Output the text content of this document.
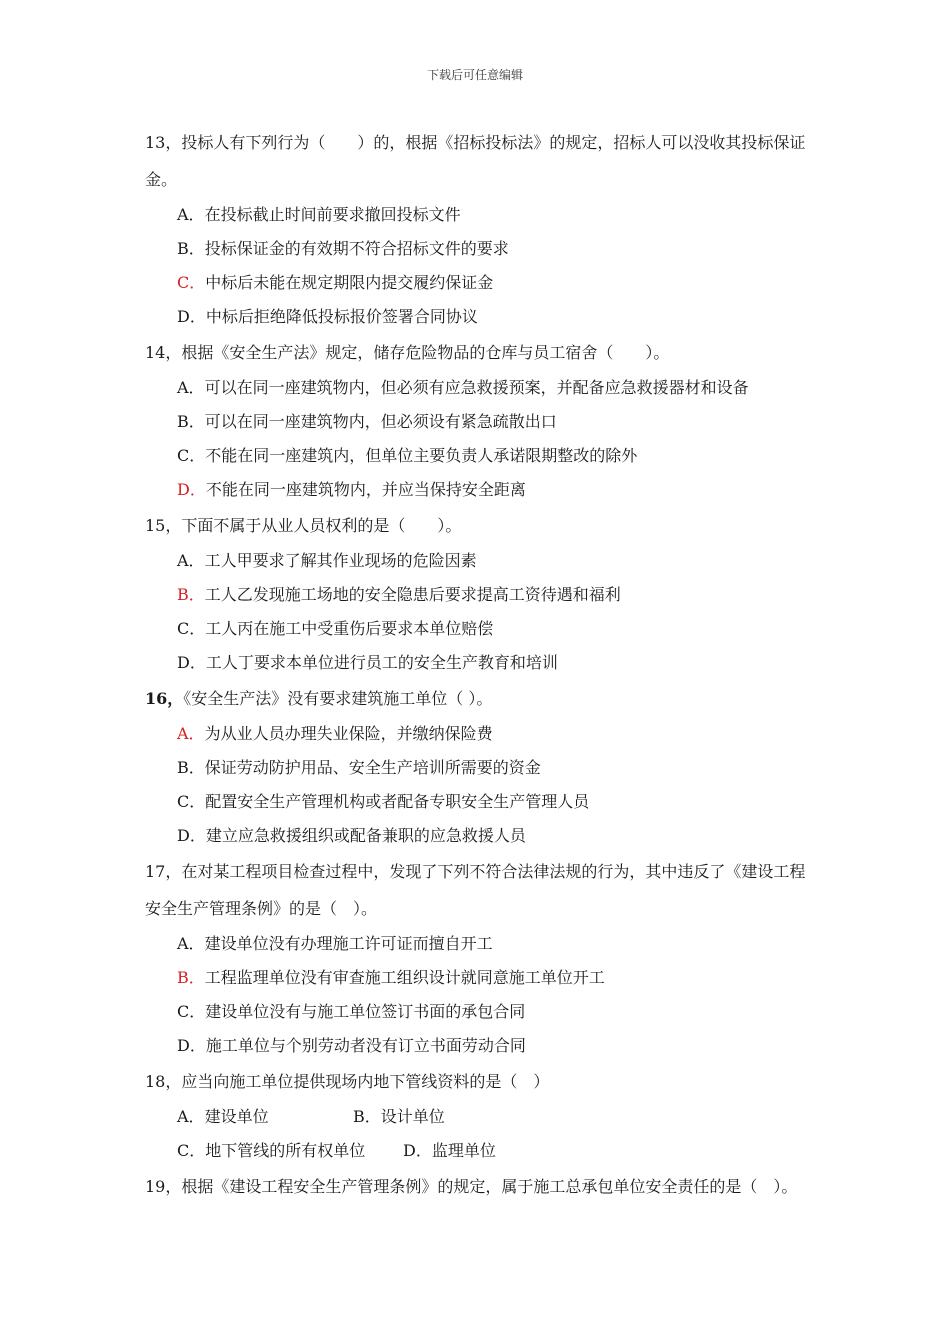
下载后可任意编辑

13，投标人有下列行为（　　）的，根据《招标投标法》的规定，招标人可以没收其投标保证金。

A．在投标截止时间前要求撤回投标文件
B．投标保证金的有效期不符合招标文件的要求
C．中标后未能在规定期限内提交履约保证金
D．中标后拒绝降低投标报价签署合同协议

14，根据《安全生产法》规定，储存危险物品的仓库与员工宿舍（　　）。

A．可以在同一座建筑物内，但必须有应急救援预案，并配备应急救援器材和设备
B．可以在同一座建筑物内，但必须设有紧急疏散出口
C．不能在同一座建筑内，但单位主要负责人承诺限期整改的除外
D．不能在同一座建筑物内，并应当保持安全距离

15，下面不属于从业人员权利的是（　　）。

A．工人甲要求了解其作业现场的危险因素
B．工人乙发现施工场地的安全隐患后要求提高工资待遇和福利
C．工人丙在施工中受重伤后要求本单位赔偿
D．工人丁要求本单位进行员工的安全生产教育和培训

16，《安全生产法》没有要求建筑施工单位（ ）。

A．为从业人员办理失业保险，并缴纳保险费
B．保证劳动防护用品、安全生产培训所需要的资金
C．配置安全生产管理机构或者配备专职安全生产管理人员
D．建立应急救援组织或配备兼职的应急救援人员

17，在对某工程项目检查过程中，发现了下列不符合法律法规的行为，其中违反了《建设工程安全生产管理条例》的是（　）。

A．建设单位没有办理施工许可证而擅自开工
B．工程监理单位没有审查施工组织设计就同意施工单位开工
C．建设单位没有与施工单位签订书面的承包合同
D．施工单位与个别劳动者没有订立书面劳动合同

18，应当向施工单位提供现场内地下管线资料的是（　）

A．建设单位	B．设计单位
C．地下管线的所有权单位 D．监理单位

19，根据《建设工程安全生产管理条例》的规定，属于施工总承包单位安全责任的是（　）。
